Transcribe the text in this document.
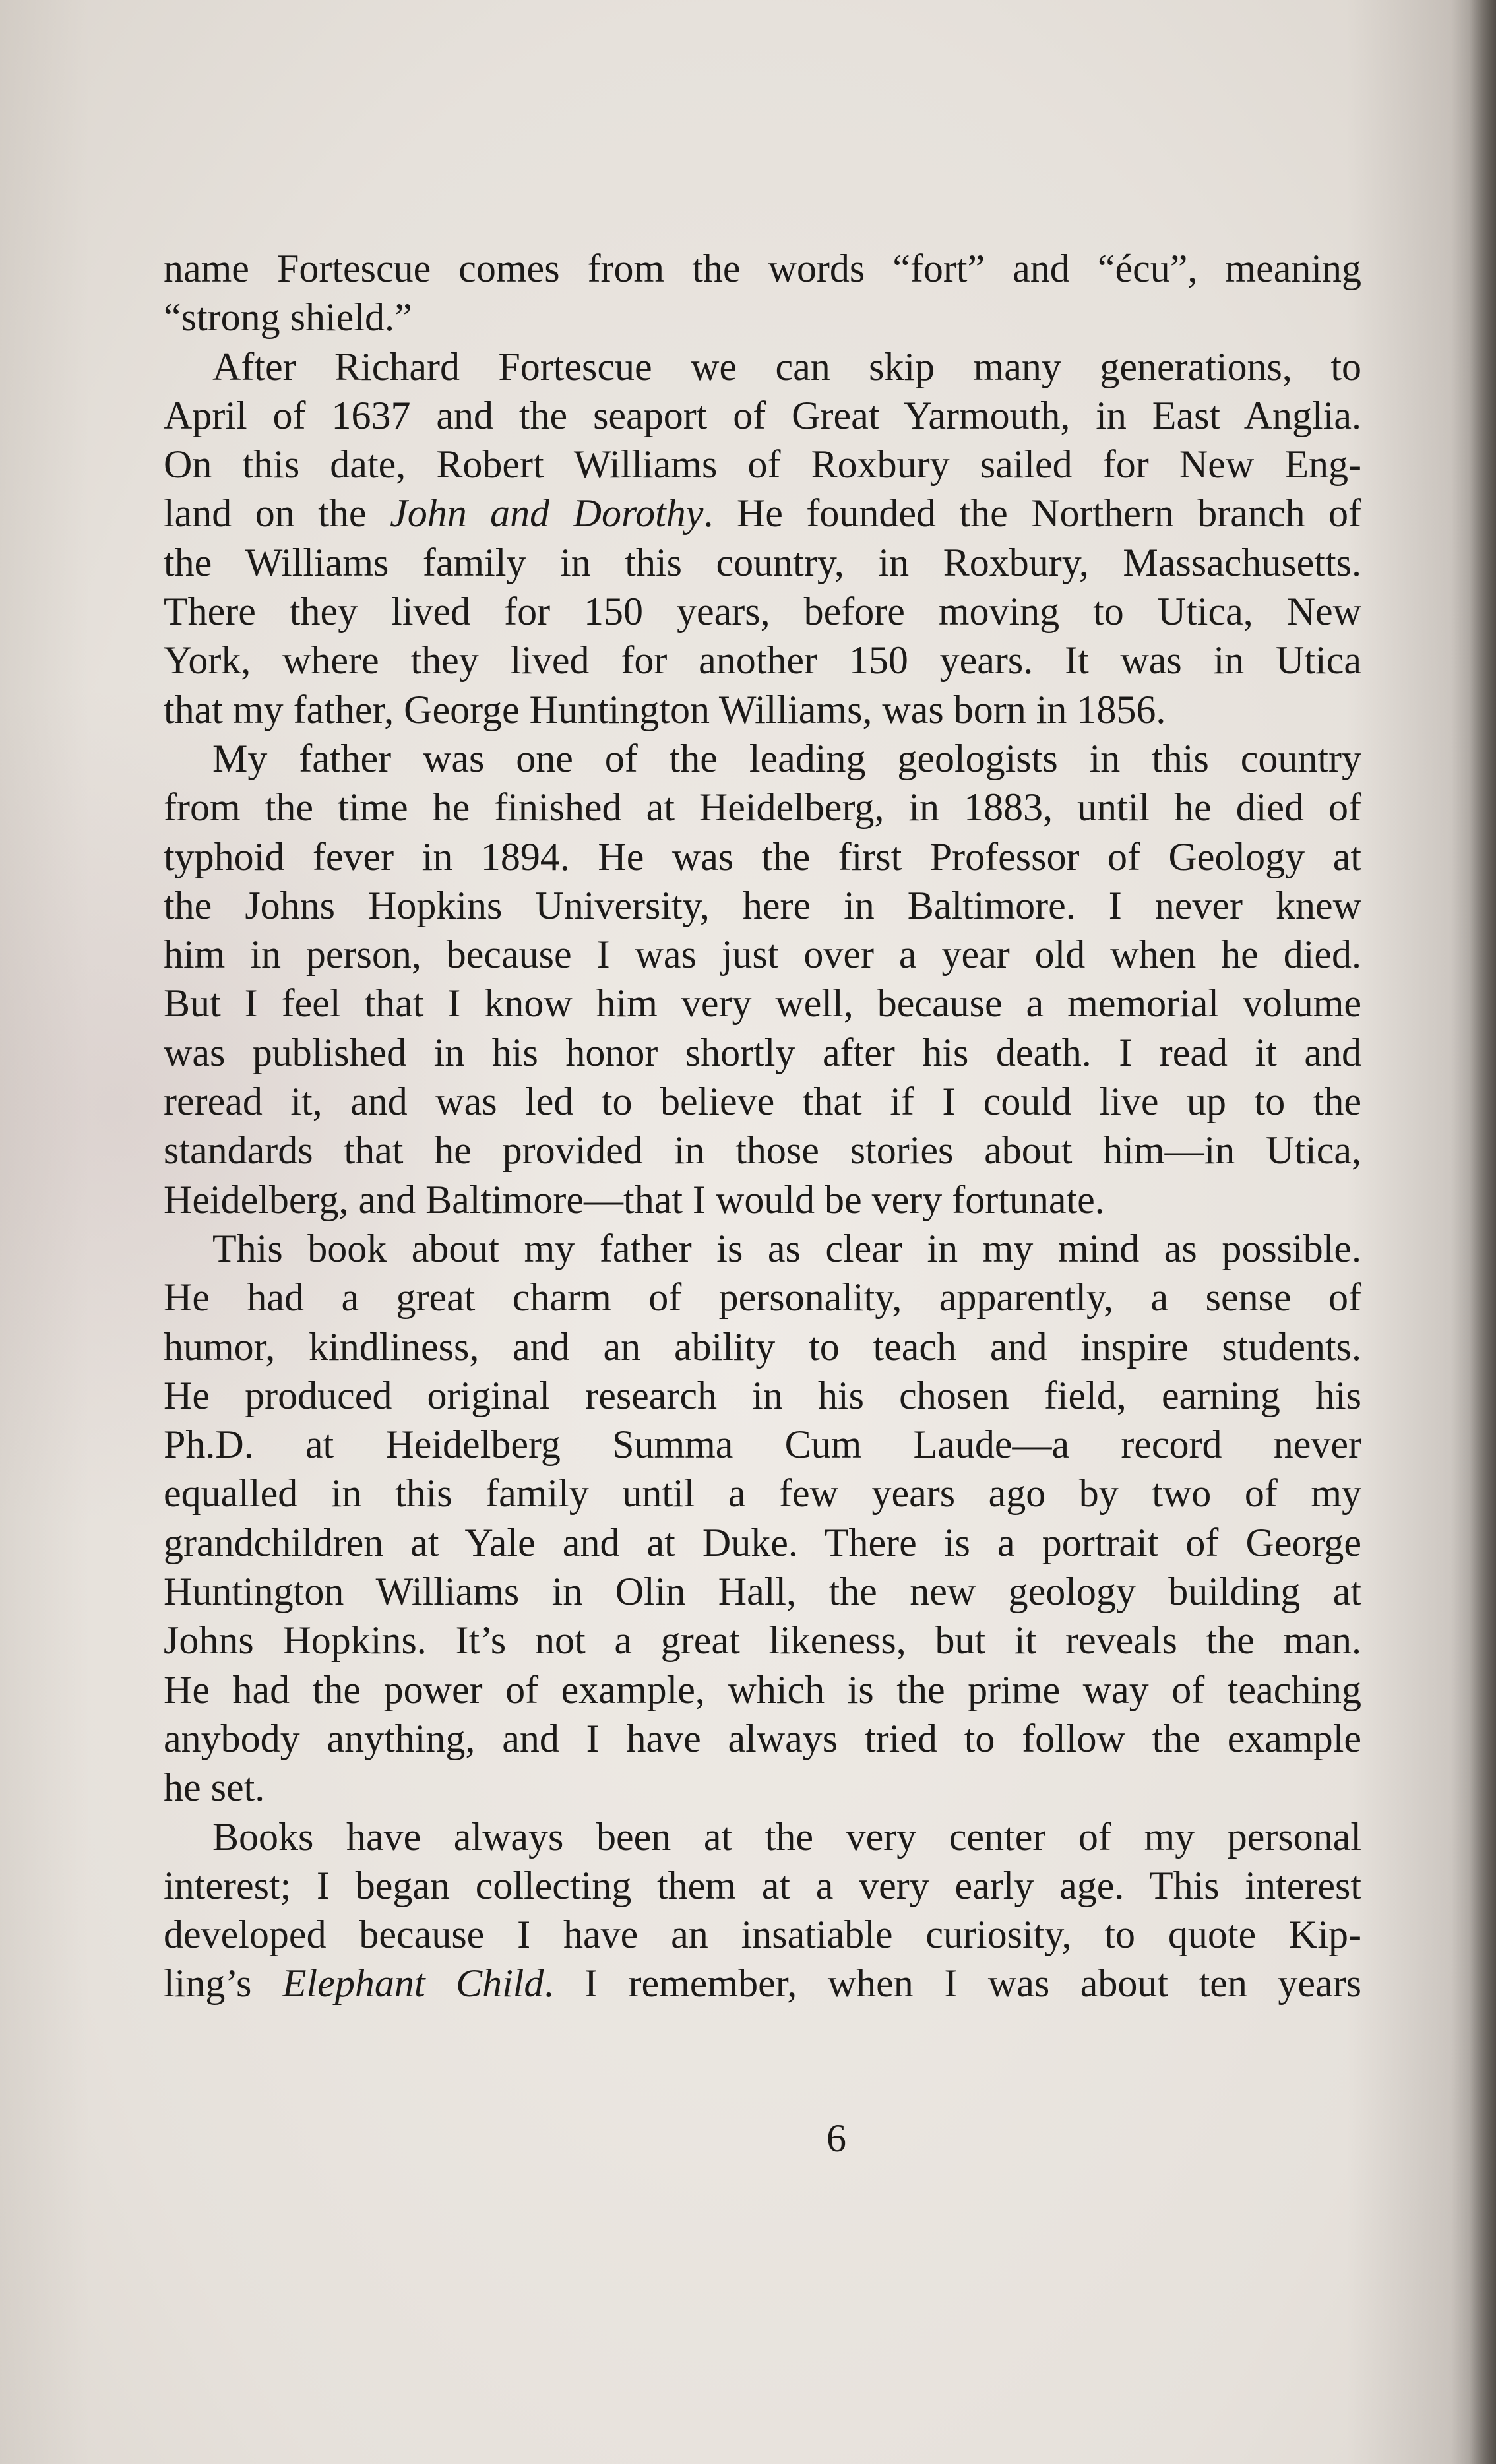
name Fortescue comes from the words “fort” and “écu”, meaning
“strong shield.”
After Richard Fortescue we can skip many generations, to
April of 1637 and the seaport of Great Yarmouth, in East Anglia.
On this date, Robert Williams of Roxbury sailed for New Eng-
land on the John and Dorothy. He founded the Northern branch of
the Williams family in this country, in Roxbury, Massachusetts.
There they lived for 150 years, before moving to Utica, New
York, where they lived for another 150 years. It was in Utica
that my father, George Huntington Williams, was born in 1856.
My father was one of the leading geologists in this country
from the time he finished at Heidelberg, in 1883, until he died of
typhoid fever in 1894. He was the first Professor of Geology at
the Johns Hopkins University, here in Baltimore. I never knew
him in person, because I was just over a year old when he died.
But I feel that I know him very well, because a memorial volume
was published in his honor shortly after his death. I read it and
reread it, and was led to believe that if I could live up to the
standards that he provided in those stories about him—in Utica,
Heidelberg, and Baltimore—that I would be very fortunate.
This book about my father is as clear in my mind as possible.
He had a great charm of personality, apparently, a sense of
humor, kindliness, and an ability to teach and inspire students.
He produced original research in his chosen field, earning his
Ph.D. at Heidelberg Summa Cum Laude—a record never
equalled in this family until a few years ago by two of my
grandchildren at Yale and at Duke. There is a portrait of George
Huntington Williams in Olin Hall, the new geology building at
Johns Hopkins. It’s not a great likeness, but it reveals the man.
He had the power of example, which is the prime way of teaching
anybody anything, and I have always tried to follow the example
he set.
Books have always been at the very center of my personal
interest; I began collecting them at a very early age. This interest
developed because I have an insatiable curiosity, to quote Kip-
ling’s Elephant Child. I remember, when I was about ten years
6
